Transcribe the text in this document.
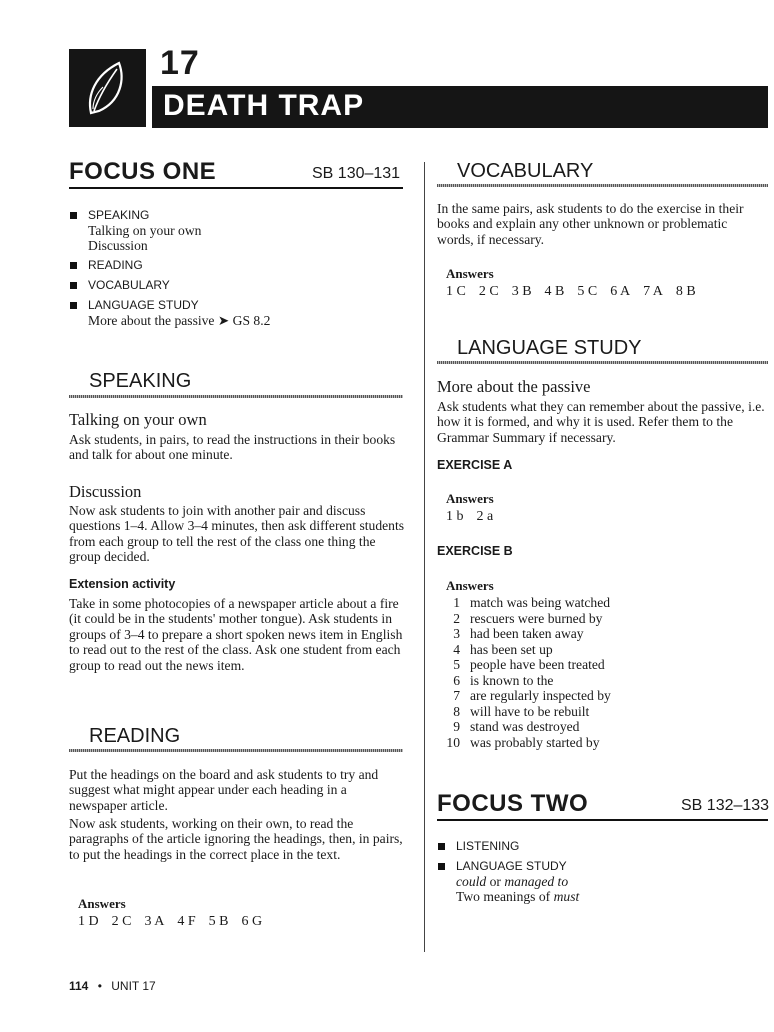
17
DEATH TRAP
FOCUS ONE	SB 130–131
SPEAKING
Talking on your own
Discussion
READING
VOCABULARY
LANGUAGE STUDY
More about the passive ➤ GS 8.2
SPEAKING
Talking on your own
Ask students, in pairs, to read the instructions in their books and talk for about one minute.
Discussion
Now ask students to join with another pair and discuss questions 1–4. Allow 3–4 minutes, then ask different students from each group to tell the rest of the class one thing the group decided.
Extension activity
Take in some photocopies of a newspaper article about a fire (it could be in the students' mother tongue). Ask students in groups of 3–4 to prepare a short spoken news item in English to read out to the rest of the class. Ask one student from each group to read out the news item.
READING
Put the headings on the board and ask students to try and suggest what might appear under each heading in a newspaper article.
Now ask students, working on their own, to read the paragraphs of the article ignoring the headings, then, in pairs, to put the headings in the correct place in the text.
Answers
1 D 2 C 3 A 4 F 5 B 6 G
VOCABULARY
In the same pairs, ask students to do the exercise in their books and explain any other unknown or problematic words, if necessary.
Answers
1 C 2 C 3 B 4 B 5 C 6 A 7 A 8 B
LANGUAGE STUDY
More about the passive
Ask students what they can remember about the passive, i.e. how it is formed, and why it is used. Refer them to the Grammar Summary if necessary.
EXERCISE A
Answers
1 b 2 a
EXERCISE B
Answers
1 match was being watched
2 rescuers were burned by
3 had been taken away
4 has been set up
5 people have been treated
6 is known to the
7 are regularly inspected by
8 will have to be rebuilt
9 stand was destroyed
10 was probably started by
FOCUS TWO	SB 132–133
LISTENING
LANGUAGE STUDY
could or managed to
Two meanings of must
114 • UNIT 17
